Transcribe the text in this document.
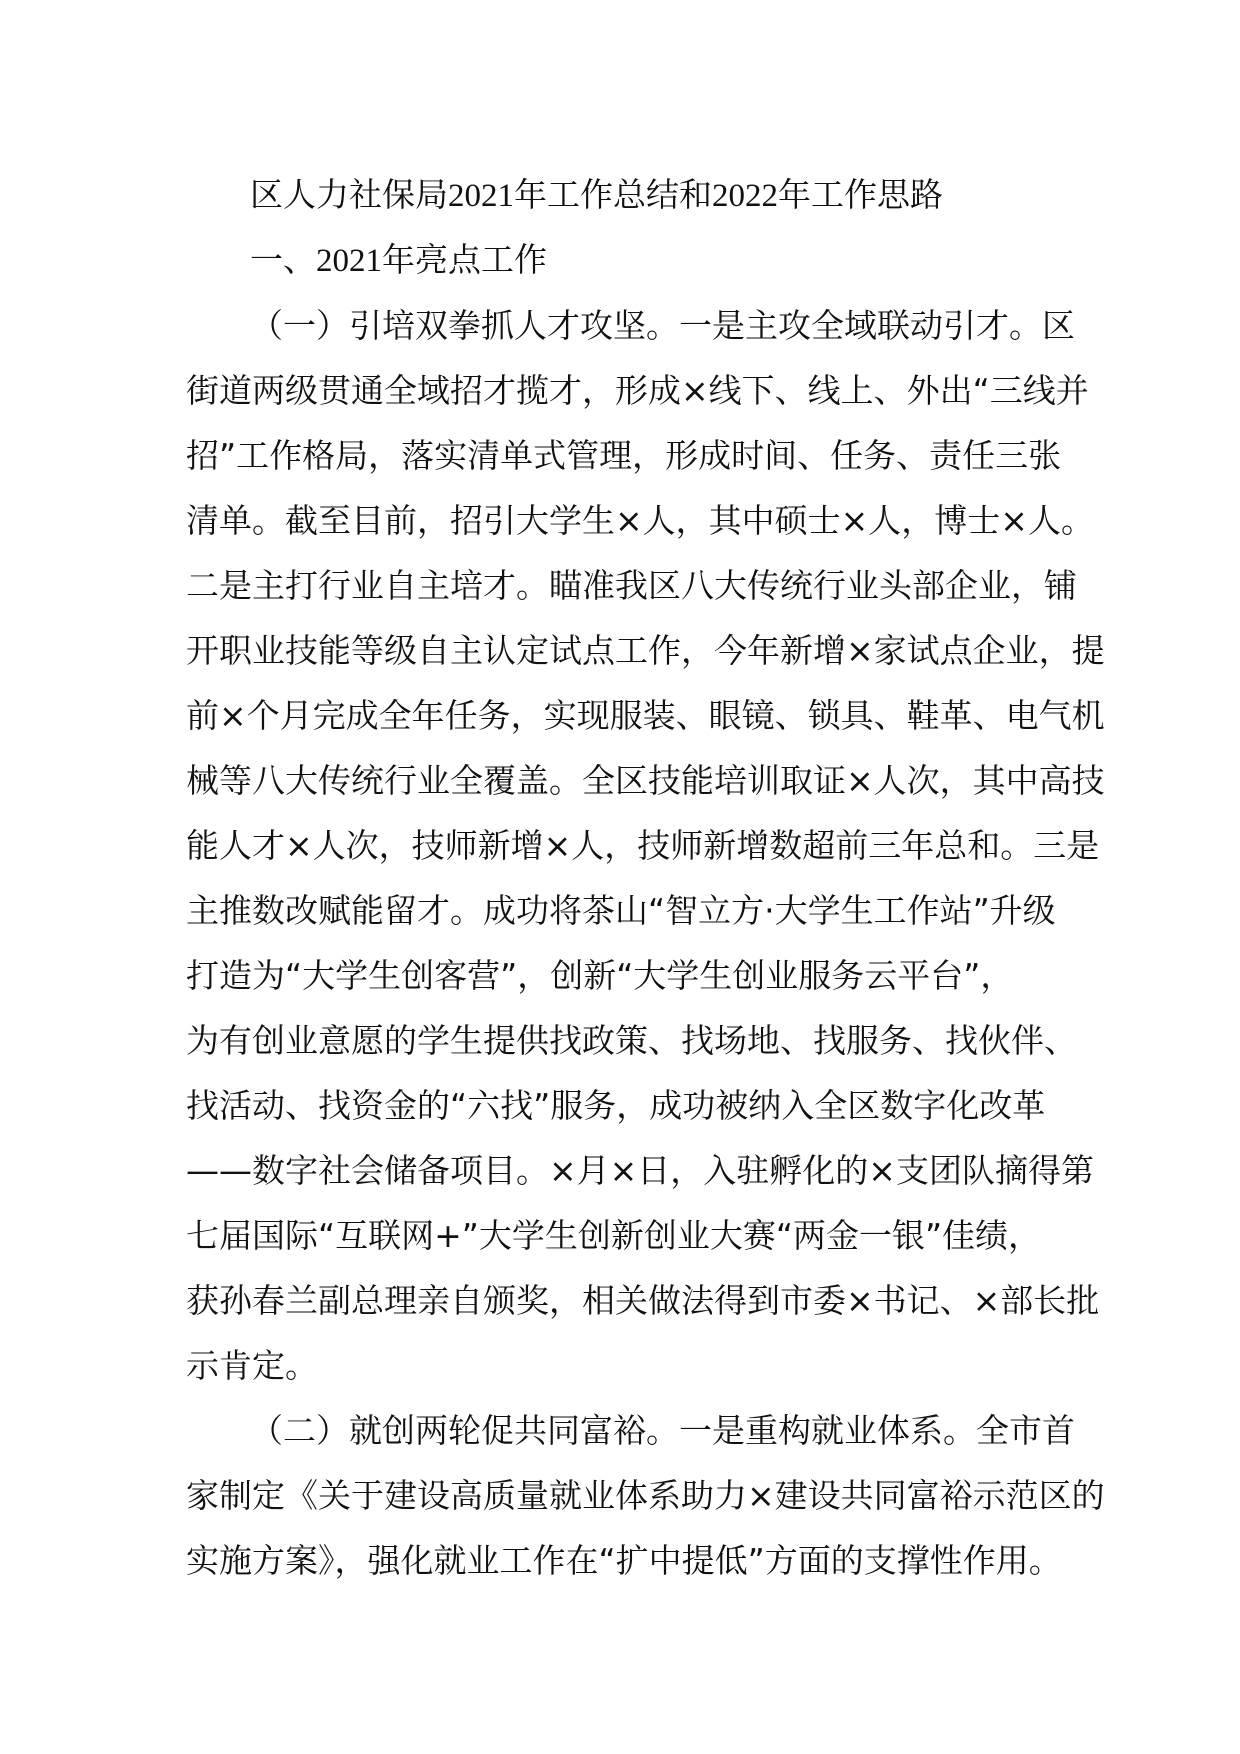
区人力社保局2021年工作总结和2022年工作思路
一、2021年亮点工作
（一）引培双拳抓人才攻坚。一是主攻全域联动引才。区
街道两级贯通全域招才揽才，形成×线下、线上、外出“三线并
招”工作格局，落实清单式管理，形成时间、任务、责任三张
清单。截至目前，招引大学生×人，其中硕士×人，博士×人。
二是主打行业自主培才。瞄准我区八大传统行业头部企业，铺
开职业技能等级自主认定试点工作，今年新增×家试点企业，提
前×个月完成全年任务，实现服装、眼镜、锁具、鞋革、电气机
械等八大传统行业全覆盖。全区技能培训取证×人次，其中高技
能人才×人次，技师新增×人，技师新增数超前三年总和。三是
主推数改赋能留才。成功将茶山“智立方·大学生工作站”升级
打造为“大学生创客营”，创新“大学生创业服务云平台”，
为有创业意愿的学生提供找政策、找场地、找服务、找伙伴、
找活动、找资金的“六找”服务，成功被纳入全区数字化改革
——数字社会储备项目。×月×日，入驻孵化的×支团队摘得第
七届国际“互联网+”大学生创新创业大赛“两金一银”佳绩，
获孙春兰副总理亲自颁奖，相关做法得到市委×书记、×部长批
示肯定。
（二）就创两轮促共同富裕。一是重构就业体系。全市首
家制定《关于建设高质量就业体系助力×建设共同富裕示范区的
实施方案》，强化就业工作在“扩中提低”方面的支撑性作用。
